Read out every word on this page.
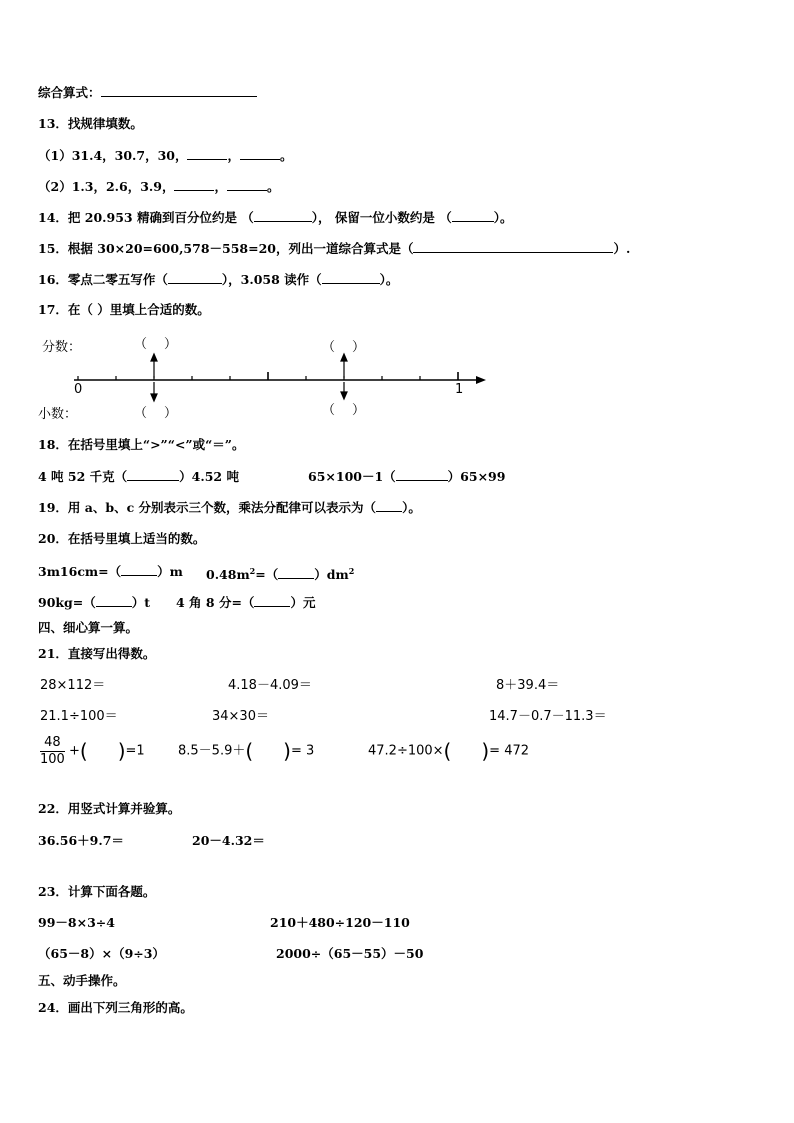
综合算式：
13．找规律填数。
（1）31.4，30.7，30，	，	。
（2）1.3，2.6，3.9，	，	。
14．把 20.953 精确到百分位约是 （	）， 保留一位小数约是 （	）。
15．根据 30×20=600,578－558=20，列出一道综合算式是（	）.
16．零点二零五写作（	），3.058 读作（	）。
17．在（ ）里填上合适的数。
分数：
小数：
（ ）	（ ）
（ ）	（ ）
0	1
18．在括号里填上“>”“<”或“＝”。
4 吨 52 千克（	）4.52 吨	65×100－1（	）65×99
19．用 a、b、c 分别表示三个数，乘法分配律可以表示为（ ）。
20．在括号里填上适当的数。
3m16cm=（	）m $0.48m^2=$（	）$dm^2$
90kg=（	）t 4 角 8 分=（	）元
四、细心算一算。
21．直接写出得数。
28×112＝	4.18－4.09＝	8＋39.4＝
21.1÷100＝	34×30＝	14.7－0.7－11.3＝
$\frac{48}{100}$ +( )=1	8.5－5.9＋( )= 3	47.2÷100×( )= 472
22．用竖式计算并验算。
36.56＋9.7＝	20－4.32＝
23．计算下面各题。
99－8×3÷4	210＋480÷120－110
（65－8）×（9÷3）	2000÷（65－55）－50
五、动手操作。
24．画出下列三角形的高。
